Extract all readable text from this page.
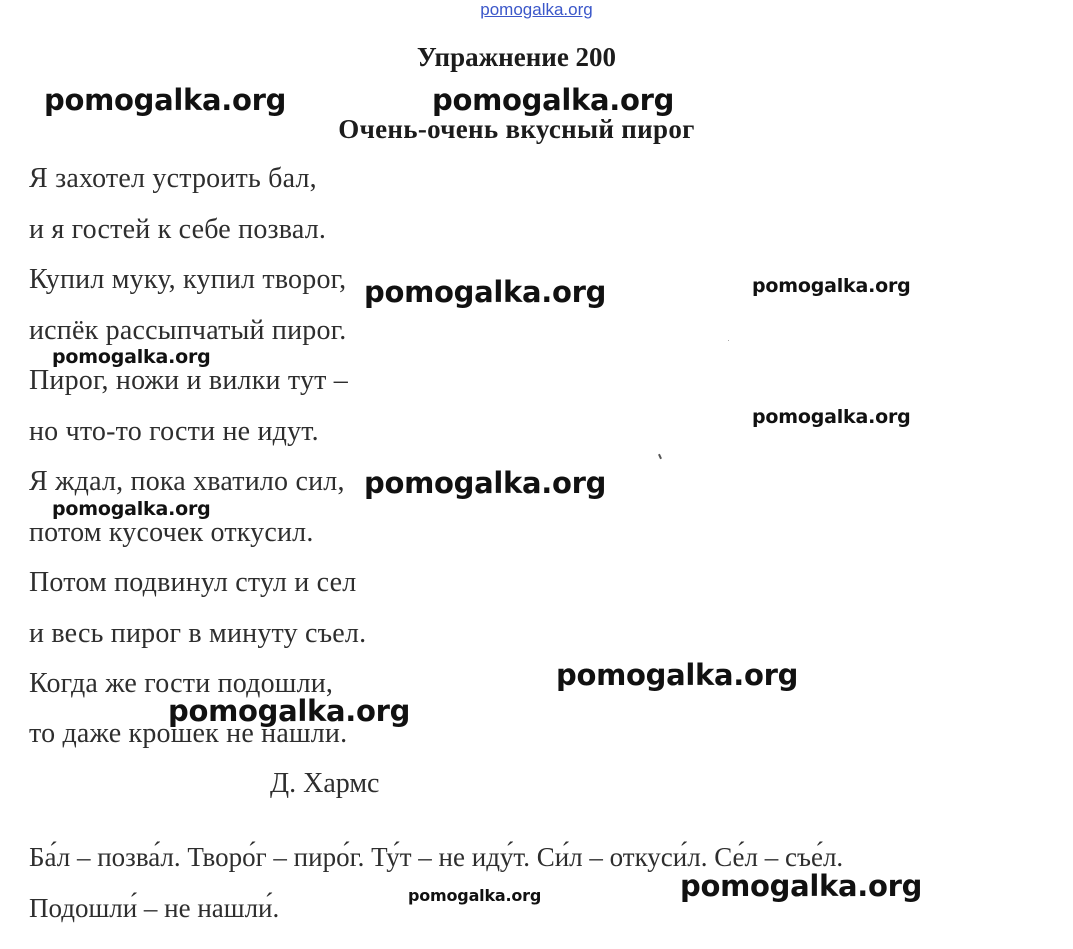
pomogalka.org
Упражнение 200
Очень-очень вкусный пирог
Я захотел устроить бал,
и я гостей к себе позвал.
Купил муку, купил творог,
испёк рассыпчатый пирог.
Пирог, ножи и вилки тут –
но что-то гости не идут.
Я ждал, пока хватило сил,
потом кусочек откусил.
Потом подвинул стул и сел
и весь пирог в минуту съел.
Когда же гости подошли,
то даже крошек не нашли.
Д. Хармс
Ба́л – позва́л. Творо́г – пиро́г. Ту́т – не иду́т. Си́л – откуси́л. Се́л – съе́л.
Подошли́ – не нашли́.
pomogalka.org	pomogalka.org
pomogalka.org	pomogalka.org
pomogalka.org
pomogalka.org
pomogalka.org
pomogalka.org
pomogalka.org
pomogalka.org
pomogalka.org
pomogalka.org
